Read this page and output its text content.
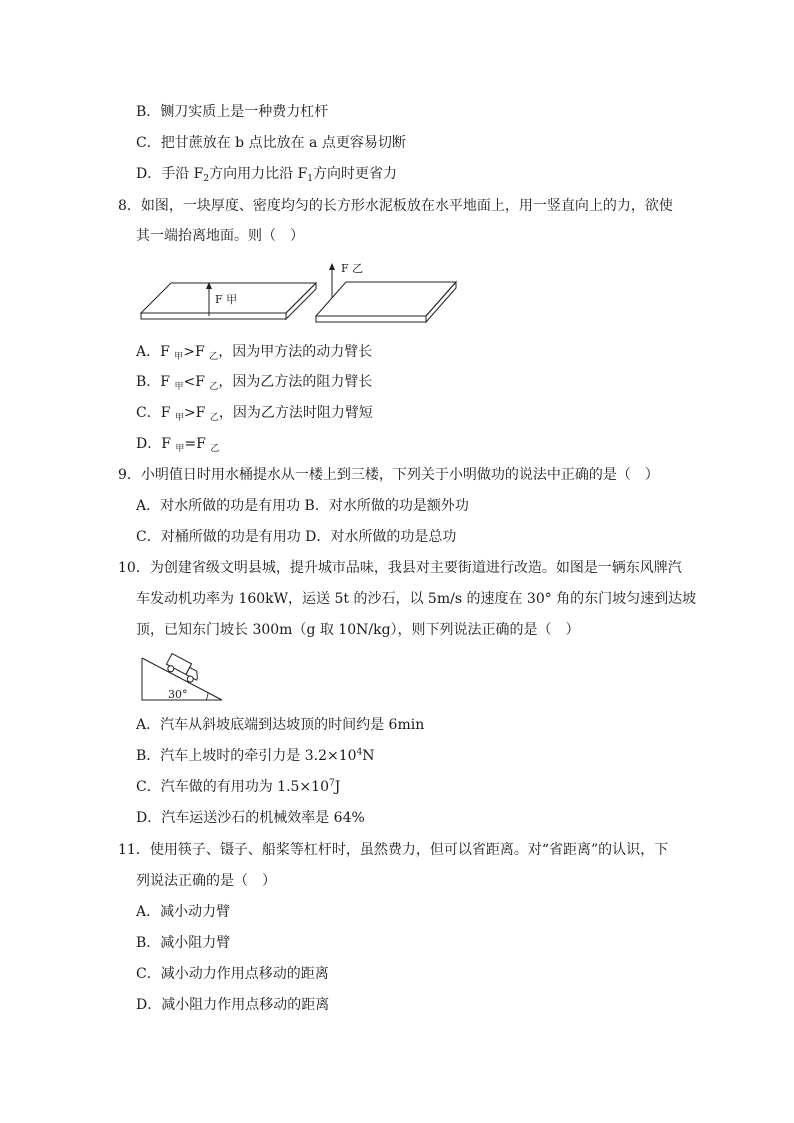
B．铡刀实质上是一种费力杠杆
C．把甘蔗放在 b 点比放在 a 点更容易切断
D．手沿 $F_2$方向用力比沿 $F_1$方向时更省力
8．如图，一块厚度、密度均匀的长方形水泥板放在水平地面上，用一竖直向上的力，欲使
其一端抬离地面。则（　）
F 甲
F 乙
A．F $_甲$>F $_乙$，因为甲方法的动力臂长
B．F $_甲$<F $_乙$，因为乙方法的阻力臂长
C．F $_甲$>F $_乙$，因为乙方法时阻力臂短
D．F $_甲$=F $_乙$
9．小明值日时用水桶提水从一楼上到三楼，下列关于小明做功的说法中正确的是（　）
A．对水所做的功是有用功 B．对水所做的功是额外功
C．对桶所做的功是有用功 D．对水所做的功是总功
10．为创建省级文明县城，提升城市品味，我县对主要街道进行改造。如图是一辆东风牌汽
车发动机功率为 160kW，运送 5t 的沙石，以 5m/s 的速度在 30° 角的东门坡匀速到达坡
顶，已知东门坡长 300m（g 取 10N/kg），则下列说法正确的是（　）
30°
A．汽车从斜坡底端到达坡顶的时间约是 6min
B．汽车上坡时的牵引力是 $3.2\times 10^4N$
C．汽车做的有用功为 $1.5\times 10^7J$
D．汽车运送沙石的机械效率是 64%
11．使用筷子、镊子、船桨等杠杆时，虽然费力，但可以省距离。对“省距离”的认识，下
列说法正确的是（　）
A．减小动力臂
B．减小阻力臂
C．减小动力作用点移动的距离
D．减小阻力作用点移动的距离
